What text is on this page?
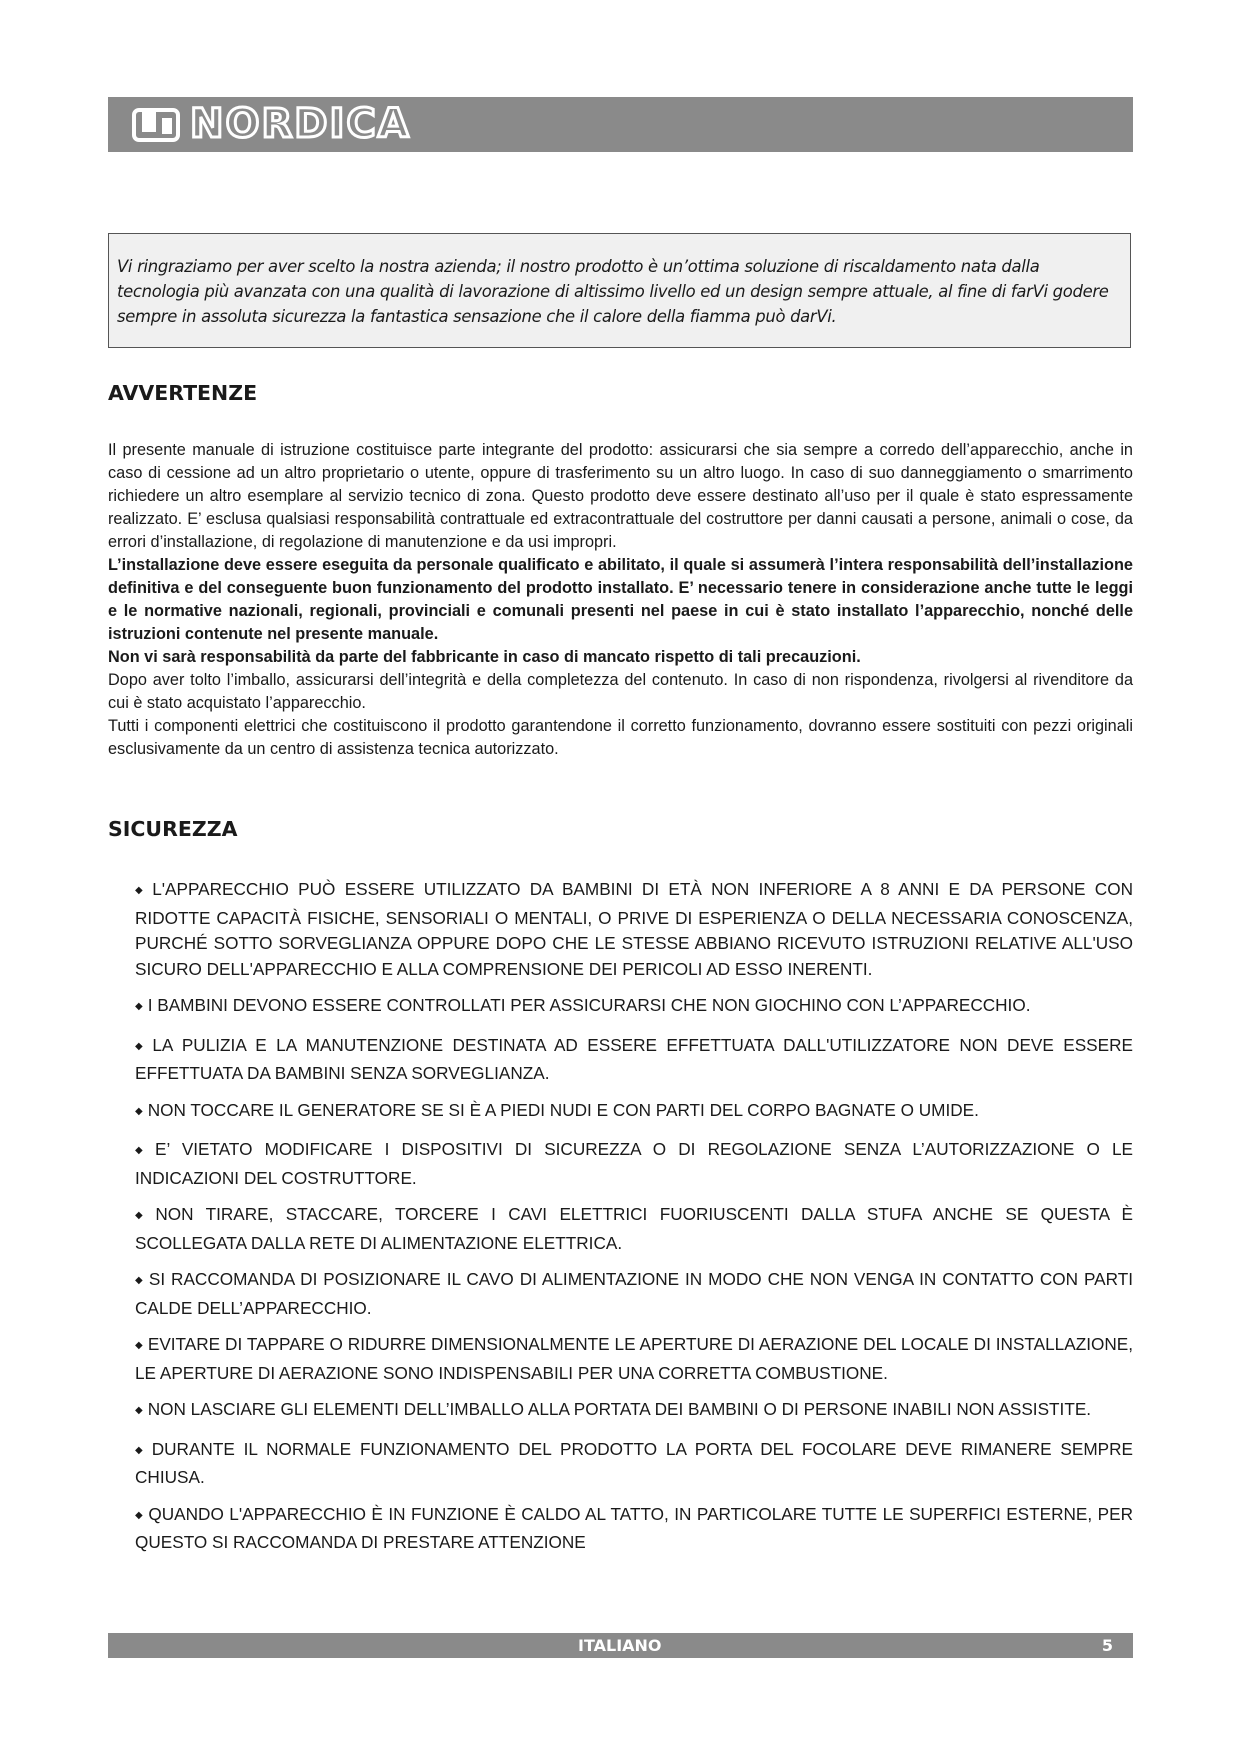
NORDICA

Vi ringraziamo per aver scelto la nostra azienda; il nostro prodotto è un’ottima soluzione di riscaldamento nata dalla tecnologia più avanzata con una qualità di lavorazione di altissimo livello ed un design sempre attuale, al fine di farVi godere sempre in assoluta sicurezza la fantastica sensazione che il calore della fiamma può darVi.

AVVERTENZE

Il presente manuale di istruzione costituisce parte integrante del prodotto: assicurarsi che sia sempre a corredo dell’apparecchio, anche in caso di cessione ad un altro proprietario o utente, oppure di trasferimento su un altro luogo. In caso di suo danneggiamento o smarrimento richiedere un altro esemplare al servizio tecnico di zona. Questo prodotto deve essere destinato all’uso per il quale è stato espressamente realizzato. E’ esclusa qualsiasi responsabilità contrattuale ed extracontrattuale del costruttore per danni causati a persone, animali o cose, da errori d’installazione, di regolazione di manutenzione e da usi impropri.

L’installazione deve essere eseguita da personale qualificato e abilitato, il quale si assumerà l’intera responsabilità dell’installazione definitiva e del conseguente buon funzionamento del prodotto installato. E’ necessario tenere in considerazione anche tutte le leggi e le normative nazionali, regionali, provinciali e comunali presenti nel paese in cui è stato installato l’apparecchio, nonché delle istruzioni contenute nel presente manuale.

Non vi sarà responsabilità da parte del fabbricante in caso di mancato rispetto di tali precauzioni.

Dopo aver tolto l’imballo, assicurarsi dell’integrità e della completezza del contenuto. In caso di non rispondenza, rivolgersi al rivenditore da cui è stato acquistato l’apparecchio.

Tutti i componenti elettrici che costituiscono il prodotto garantendone il corretto funzionamento, dovranno essere sostituiti con pezzi originali esclusivamente da un centro di assistenza tecnica autorizzato.

SICUREZZA
◆ L'APPARECCHIO PUÒ ESSERE UTILIZZATO DA BAMBINI DI ETÀ NON INFERIORE A 8 ANNI E DA PERSONE CON RIDOTTE CAPACITÀ FISICHE, SENSORIALI O MENTALI, O PRIVE DI ESPERIENZA O DELLA NECESSARIA CONOSCENZA, PURCHÉ SOTTO SORVEGLIANZA OPPURE DOPO CHE LE STESSE ABBIANO RICEVUTO ISTRUZIONI RELATIVE ALL'USO SICURO DELL'APPARECCHIO E ALLA COMPRENSIONE DEI PERICOLI AD ESSO INERENTI.
◆ I BAMBINI DEVONO ESSERE CONTROLLATI PER ASSICURARSI CHE NON GIOCHINO CON L’APPARECCHIO.
◆ LA PULIZIA E LA MANUTENZIONE DESTINATA AD ESSERE EFFETTUATA DALL'UTILIZZATORE NON DEVE ESSERE EFFETTUATA DA BAMBINI SENZA SORVEGLIANZA.
◆ NON TOCCARE IL GENERATORE SE SI È A PIEDI NUDI E CON PARTI DEL CORPO BAGNATE O UMIDE.
◆ E’ VIETATO MODIFICARE I DISPOSITIVI DI SICUREZZA O DI REGOLAZIONE SENZA L’AUTORIZZAZIONE O LE INDICAZIONI DEL COSTRUTTORE.
◆ NON TIRARE, STACCARE, TORCERE I CAVI ELETTRICI FUORIUSCENTI DALLA STUFA ANCHE SE QUESTA È SCOLLEGATA DALLA RETE DI ALIMENTAZIONE ELETTRICA.
◆ SI RACCOMANDA DI POSIZIONARE IL CAVO DI ALIMENTAZIONE IN MODO CHE NON VENGA IN CONTATTO CON PARTI CALDE DELL’APPARECCHIO.
◆ EVITARE DI TAPPARE O RIDURRE DIMENSIONALMENTE LE APERTURE DI AERAZIONE DEL LOCALE DI INSTALLAZIONE, LE APERTURE DI AERAZIONE SONO INDISPENSABILI PER UNA CORRETTA COMBUSTIONE.
◆ NON LASCIARE GLI ELEMENTI DELL’IMBALLO ALLA PORTATA DEI BAMBINI O DI PERSONE INABILI NON ASSISTITE.
◆ DURANTE IL NORMALE FUNZIONAMENTO DEL PRODOTTO LA PORTA DEL FOCOLARE DEVE RIMANERE SEMPRE CHIUSA.
◆ QUANDO L'APPARECCHIO È IN FUNZIONE È CALDO AL TATTO, IN PARTICOLARE TUTTE LE SUPERFICI ESTERNE, PER QUESTO SI RACCOMANDA DI PRESTARE ATTENZIONE
ITALIANO	5
